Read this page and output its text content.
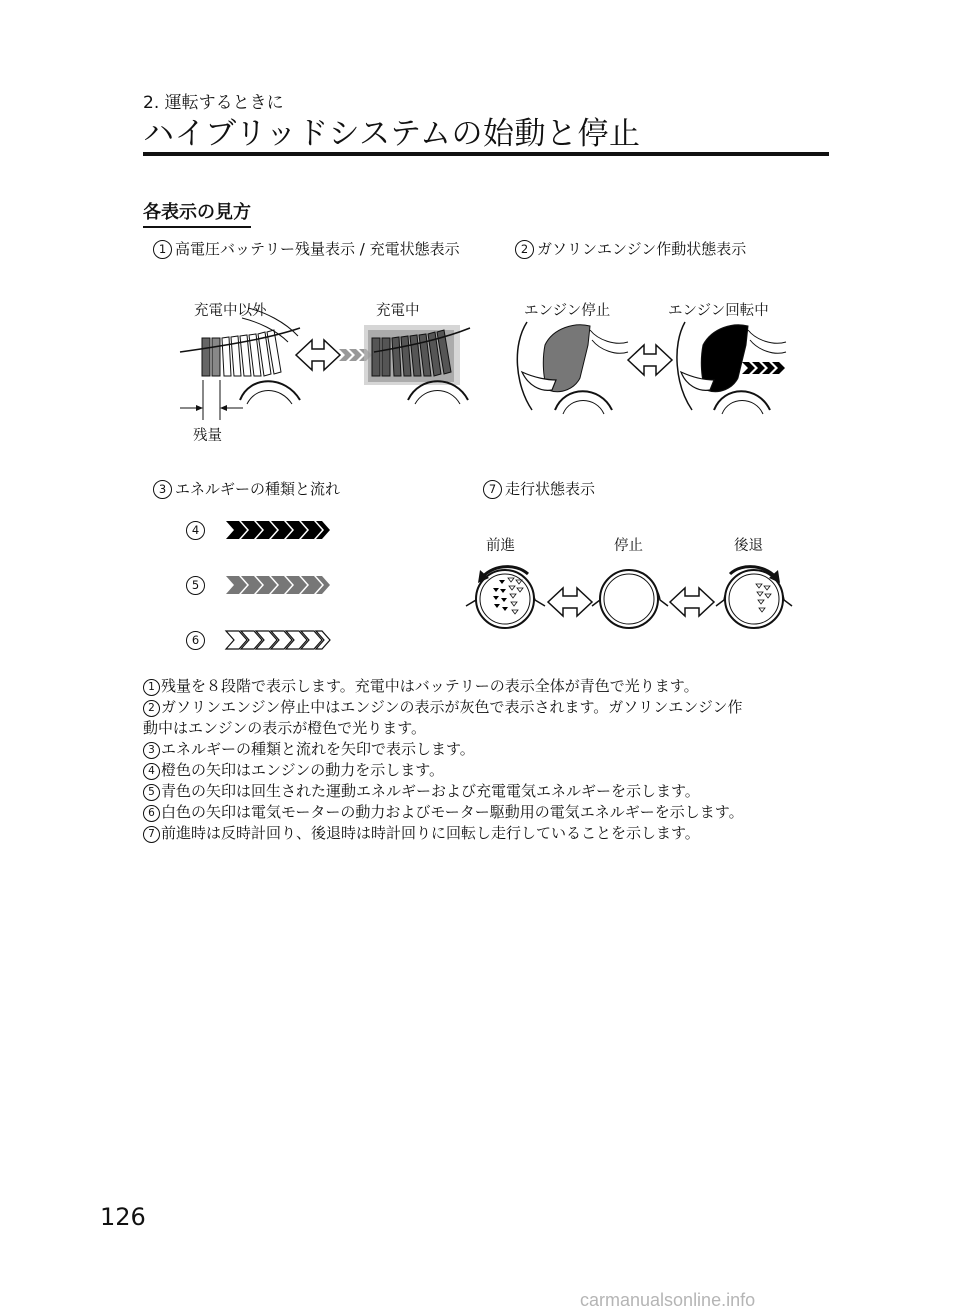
2. 運転するときに
ハイブリッドシステムの始動と停止
各表示の見方
1 高電圧バッテリー残量表示 / 充電状態表示	2 ガソリンエンジン作動状態表示
充電中以外	充電中	エンジン停止	エンジン回転中
残量
3 エネルギーの種類と流れ	7 走行状態表示
4
5
6
前進	停止	後退

1 残量を８段階で表示します。充電中はバッテリーの表示全体が青色で光ります。

2 ガソリンエンジン停止中はエンジンの表示が灰色で表示されます。ガソリンエンジン作

動中はエンジンの表示が橙色で光ります。

3 エネルギーの種類と流れを矢印で表示します。

4 橙色の矢印はエンジンの動力を示します。

5 青色の矢印は回生された運動エネルギーおよび充電電気エネルギーを示します。

6 白色の矢印は電気モーターの動力およびモーター駆動用の電気エネルギーを示します。

7 前進時は反時計回り、後退時は時計回りに回転し走行していることを示します。

126
carmanualsonline.info
